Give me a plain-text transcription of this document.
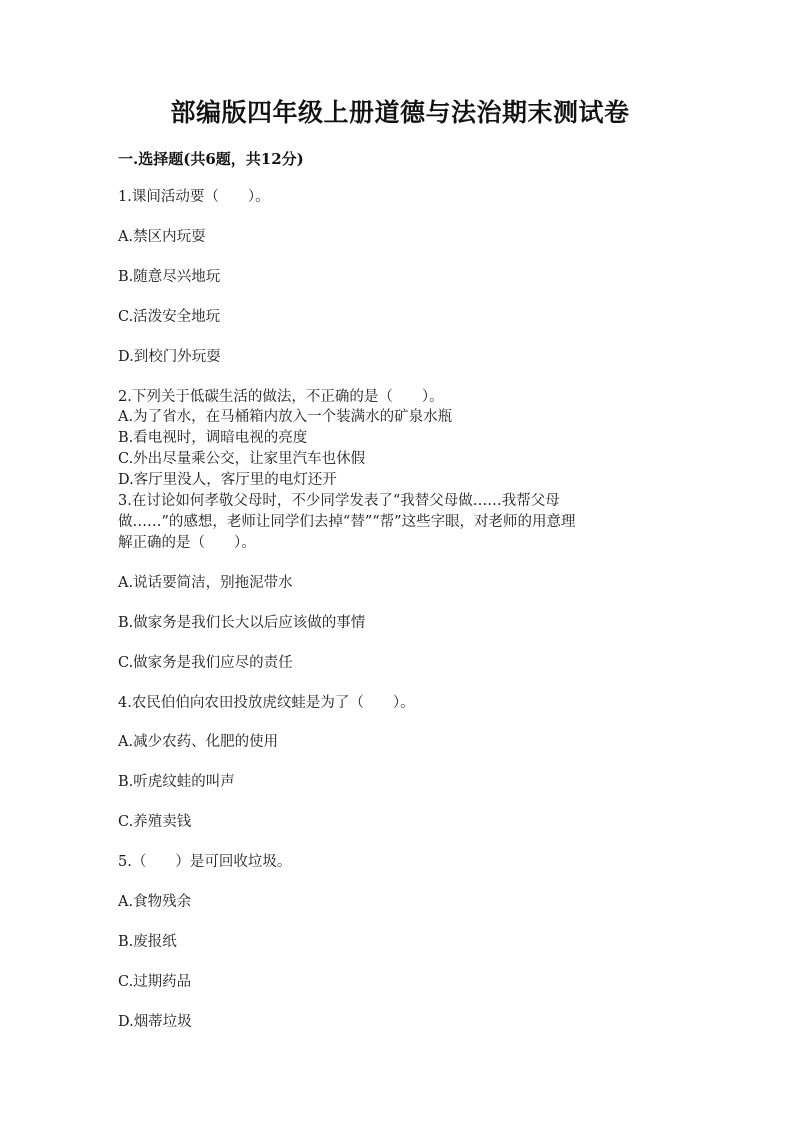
部编版四年级上册道德与法治期末测试卷
一.选择题(共6题，共12分)
1.课间活动要（　　）。
A.禁区内玩耍
B.随意尽兴地玩
C.活泼安全地玩
D.到校门外玩耍
2.下列关于低碳生活的做法，不正确的是（　　）。
A.为了省水，在马桶箱内放入一个装满水的矿泉水瓶
B.看电视时，调暗电视的亮度
C.外出尽量乘公交，让家里汽车也休假
D.客厅里没人，客厅里的电灯还开
3.在讨论如何孝敬父母时，不少同学发表了“我替父母做……我帮父母
做……”的感想，老师让同学们去掉“替”“帮”这些字眼，对老师的用意理
解正确的是（　　）。
A.说话要简洁，别拖泥带水
B.做家务是我们长大以后应该做的事情
C.做家务是我们应尽的责任
4.农民伯伯向农田投放虎纹蛙是为了（　　）。
A.减少农药、化肥的使用
B.听虎纹蛙的叫声
C.养殖卖钱
5.（　　）是可回收垃圾。
A.食物残余
B.废报纸
C.过期药品
D.烟蒂垃圾
